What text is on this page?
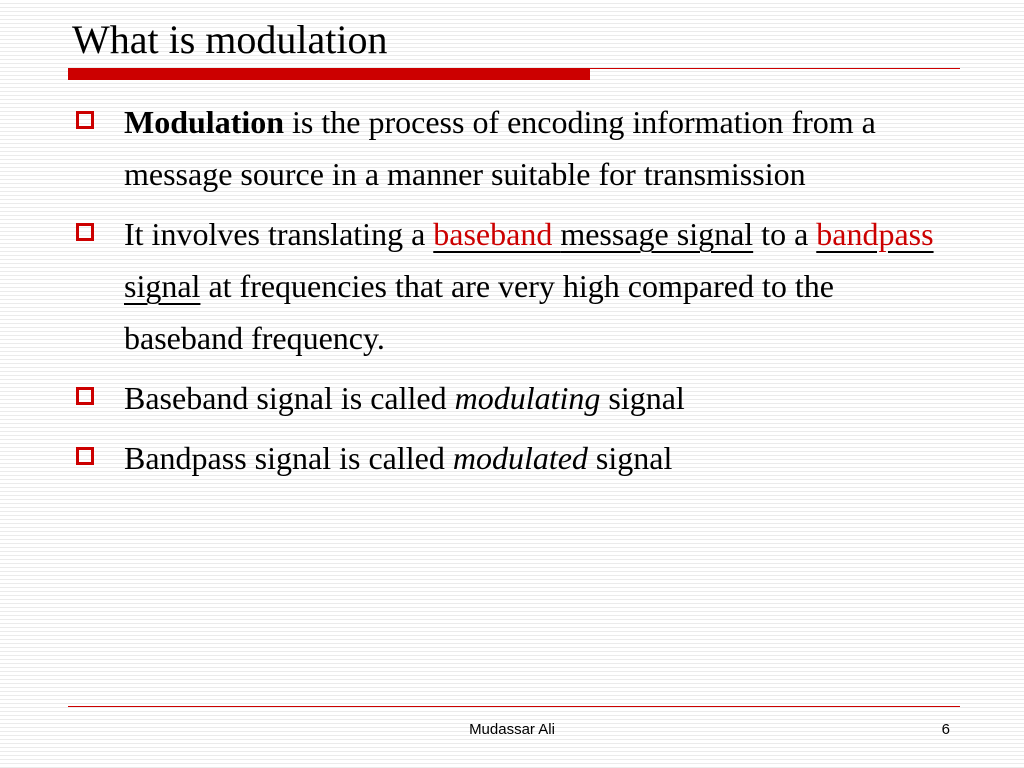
What is modulation
Modulation is the process of encoding information from a message source in a manner suitable for transmission
It involves translating a baseband message signal to a bandpass signal at frequencies that are very high compared to the baseband frequency.
Baseband signal is called modulating signal
Bandpass signal is called modulated signal
Mudassar Ali	6
